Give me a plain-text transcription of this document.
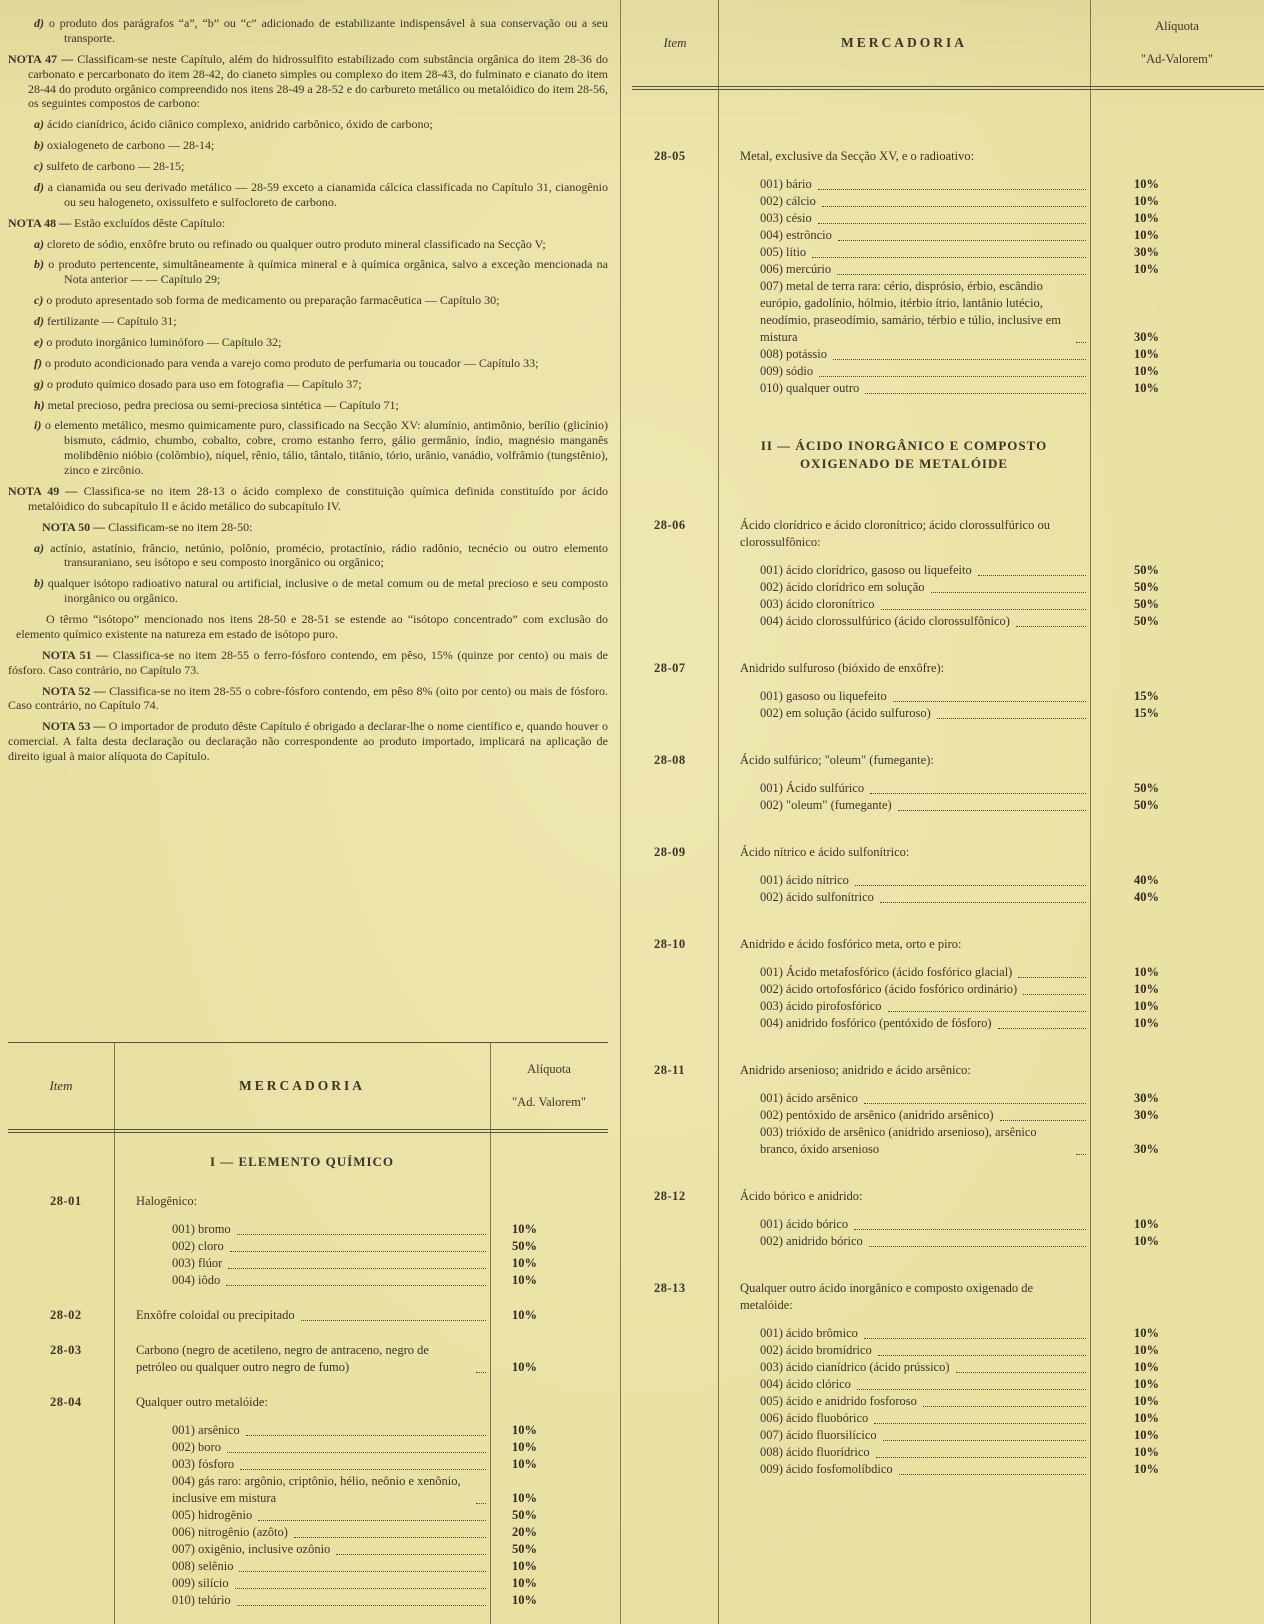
d) o produto dos parágrafos “a”, “b” ou “c” adicionado de estabilizante indispensável à sua conservação ou a seu transporte.
NOTA 47 — Classificam-se neste Capítulo, além do hidrossulfito estabilizado com substância orgânica do item 28-36 do carbonato e percarbonato do item 28-42, do cianeto simples ou complexo do item 28-43, do fulminato e cianato do item 28-44 do produto orgânico compreendido nos itens 28-49 a 28-52 e do carbureto metálico ou metalóidico do item 28-56, os seguintes compostos de carbono:
a) ácido cianídrico, ácido ciânico complexo, anidrido carbônico, óxido de carbono;
b) oxialogeneto de carbono — 28-14;
c) sulfeto de carbono — 28-15;
d) a cianamida ou seu derivado metálico — 28-59 exceto a cianamida cálcica classificada no Capítulo 31, cianogênio ou seu halogeneto, oxissulfeto e sulfocloreto de carbono.
NOTA 48 — Estão excluídos dêste Capítulo:
a) cloreto de sódio, enxôfre bruto ou refinado ou qualquer outro produto mineral classificado na Secção V;
b) o produto pertencente, simultâneamente à química mineral e à química orgânica, salvo a exceção mencionada na Nota anterior — — Capítulo 29;
c) o produto apresentado sob forma de medicamento ou preparação farmacêutica — Capítulo 30;
d) fertilizante — Capítulo 31;
e) o produto inorgânico luminóforo — Capítulo 32;
f) o produto acondicionado para venda a varejo como produto de perfumaria ou toucador — Capítulo 33;
g) o produto químico dosado para uso em fotografia — Capítulo 37;
h) metal precioso, pedra preciosa ou semi-preciosa sintética — Capítulo 71;
i) o elemento metálico, mesmo quimicamente puro, classificado na Secção XV: alumínio, antimônio, berílio (glicínio) bismuto, cádmio, chumbo, cobalto, cobre, cromo estanho ferro, gálio germânio, índio, magnésio manganês molibdênio nióbio (colômbio), níquel, rênio, tálio, tântalo, titânio, tório, urânio, vanádio, volfrâmio (tungstênio), zinco e zircônio.
NOTA 49 — Classifica-se no item 28-13 o ácido complexo de constituição química definida constituído por ácido metalóidico do subcapítulo II e ácido metálico do subcapítulo IV.
NOTA 50 — Classificam-se no item 28-50:
a) actínio, astatínio, frâncio, netúnio, polônio, promécio, protactínio, rádio radônio, tecnécio ou outro elemento transuraniano, seu isótopo e seu composto inorgânico ou orgânico;
b) qualquer isótopo radioativo natural ou artificial, inclusive o de metal comum ou de metal precioso e seu composto inorgânico ou orgânico.
O têrmo “isótopo” mencionado nos itens 28-50 e 28-51 se estende ao “isótopo concentrado” com exclusão do elemento químico existente na natureza em estado de isótopo puro.
NOTA 51 — Classifica-se no item 28-55 o ferro-fósforo contendo, em pêso, 15% (quinze por cento) ou mais de fósforo. Caso contrário, no Capítulo 73.
NOTA 52 — Classifica-se no item 28-55 o cobre-fósforo contendo, em pêso 8% (oito por cento) ou mais de fósforo. Caso contrário, no Capítulo 74.
NOTA 53 — O importador de produto dêste Capítulo é obrigado a declarar-lhe o nome científico e, quando houver o comercial. A falta desta declaração ou declaração não correspondente ao produto importado, implicará na aplicação de direito igual à maior alíquota do Capítulo.
Item	MERCADORIA
Alíquota
"Ad. Valorem"
I — ELEMENTO QUÍMICO
28-01	Halogênico:
001) bromo	10%
002) cloro	50%
003) flúor	10%
004) iôdo	10%
28-02	Enxôfre coloidal ou precipitado	10%
28-03	Carbono (negro de acetileno, negro de antraceno, negro de petróleo ou qualquer outro negro de fumo)	10%
28-04	Qualquer outro metalóide:
001) arsênico	10%
002) boro	10%
003) fósforo	10%
004) gás raro: argônio, criptônio, hélio, neônio e xenônio, inclusive em mistura	10%
005) hidrogênio	50%
006) nitrogênio (azôto)	20%
007) oxigênio, inclusive ozônio	50%
008) selênio	10%
009) silício	10%
010) telúrio	10%
Item	MERCADORIA
Alíquota
"Ad-Valorem"
28-05	Metal, exclusive da Secção XV, e o radioativo:
001) bário	10%
002) cálcio	10%
003) césio	10%
004) estrôncio	10%
005) lítio	30%
006) mercúrio	10%
007) metal de terra rara: cério, disprósio, érbio, escândio európio, gadolínio, hólmio, itérbio ítrio, lantânio lutécio, neodímio, praseodímio, samário, térbio e túlio, inclusive em mistura	30%
008) potássio	10%
009) sódio	10%
010) qualquer outro	10%
II — ÁCIDO INORGÂNICO E COMPOSTO OXIGENADO DE METALÓIDE
28-06	Ácido clorídrico e ácido cloronítrico; ácido clorossulfúrico ou clorossulfônico:
001) ácido clorídrico, gasoso ou liquefeito	50%
002) ácido clorídrico em solução	50%
003) ácido cloronítrico	50%
004) ácido clorossulfúrico (ácido clorossulfônico)	50%
28-07	Anidrido sulfuroso (bióxido de enxôfre):
001) gasoso ou liquefeito	15%
002) em solução (ácido sulfuroso)	15%
28-08	Ácido sulfúrico; "oleum" (fumegante):
001) Ácido sulfúrico	50%
002) "oleum" (fumegante)	50%
28-09	Ácido nítrico e ácido sulfonítrico:
001) ácido nítrico	40%
002) ácido sulfonítrico	40%
28-10	Anidrido e ácido fosfórico meta, orto e piro:
001) Ácido metafosfórico (ácido fosfórico glacial)	10%
002) ácido ortofosfórico (ácido fosfórico ordinário)	10%
003) ácido pirofosfórico	10%
004) anidrido fosfórico (pentóxido de fósforo)	10%
28-11	Anidrido arsenioso; anidrido e ácido arsênico:
001) ácido arsênico	30%
002) pentóxido de arsênico (anidrido arsênico)	30%
003) trióxido de arsênico (anidrido arsenioso), arsênico branco, óxido arsenioso	30%
28-12	Ácido bórico e anidrido:
001) ácido bórico	10%
002) anidrido bórico	10%
28-13	Qualquer outro ácido inorgânico e composto oxigenado de metalóide:
001) ácido brômico	10%
002) ácido bromídrico	10%
003) ácido cianídrico (ácido prússico)	10%
004) ácido clórico	10%
005) ácido e anidrido fosforoso	10%
006) ácido fluobórico	10%
007) ácido fluorsilícico	10%
008) ácido fluorídrico	10%
009) ácido fosfomolíbdico	10%
